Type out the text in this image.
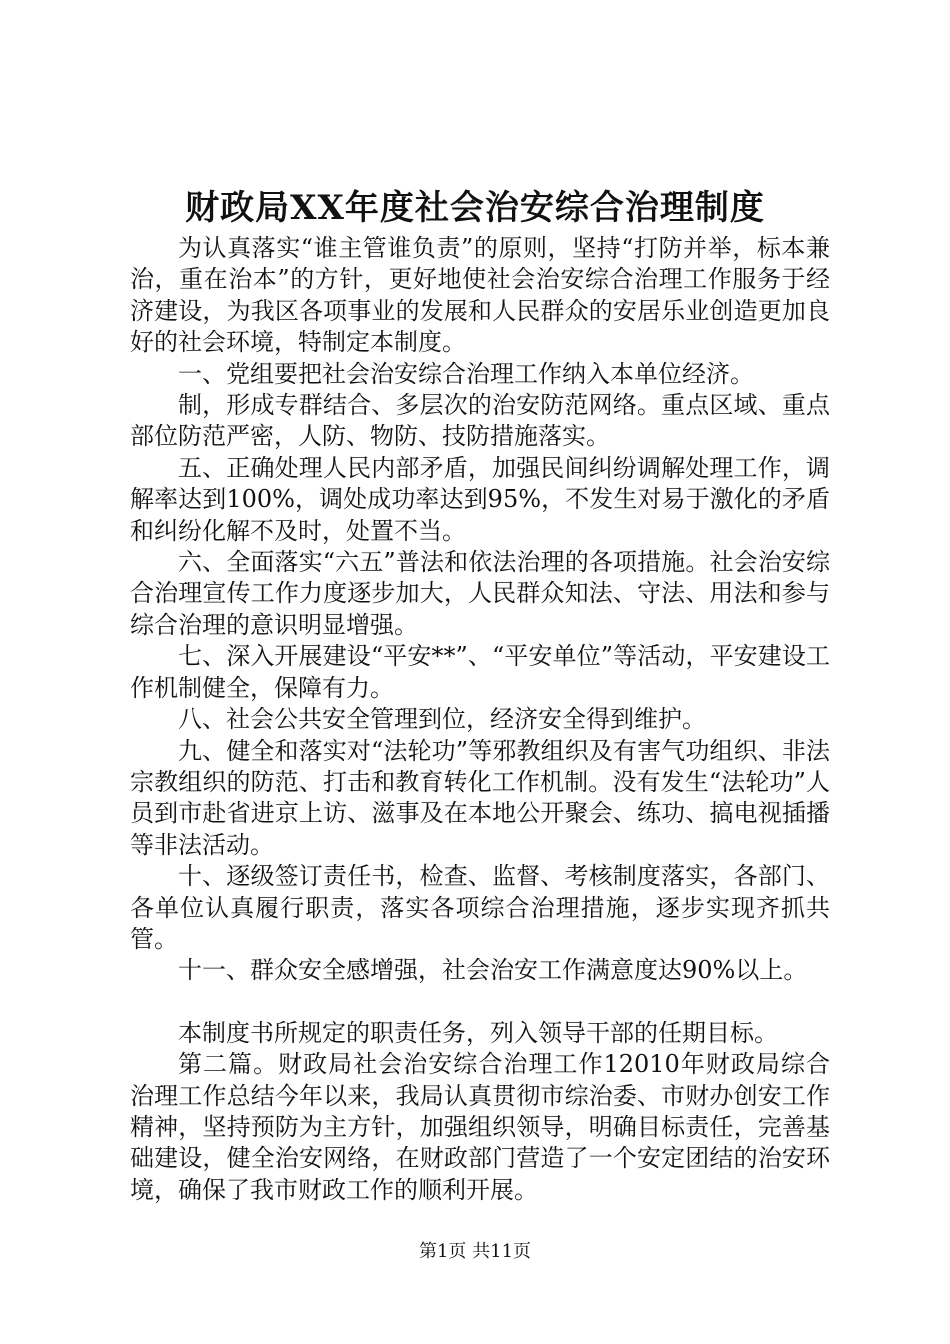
财政局XX年度社会治安综合治理制度

为认真落实“谁主管谁负责”的原则，坚持“打防并举，标本兼治，重在治本”的方针，更好地使社会治安综合治理工作服务于经济建设，为我区各项事业的发展和人民群众的安居乐业创造更加良好的社会环境，特制定本制度。

一、党组要把社会治安综合治理工作纳入本单位经济。

制，形成专群结合、多层次的治安防范网络。重点区域、重点部位防范严密，人防、物防、技防措施落实。

五、正确处理人民内部矛盾，加强民间纠纷调解处理工作，调解率达到100%，调处成功率达到95%，不发生对易于激化的矛盾和纠纷化解不及时，处置不当。

六、全面落实“六五”普法和依法治理的各项措施。社会治安综合治理宣传工作力度逐步加大，人民群众知法、守法、用法和参与综合治理的意识明显增强。

七、深入开展建设“平安**”、“平安单位”等活动，平安建设工作机制健全，保障有力。

八、社会公共安全管理到位，经济安全得到维护。

九、健全和落实对“法轮功”等邪教组织及有害气功组织、非法宗教组织的防范、打击和教育转化工作机制。没有发生“法轮功”人员到市赴省进京上访、滋事及在本地公开聚会、练功、搞电视插播等非法活动。

十、逐级签订责任书，检查、监督、考核制度落实，各部门、各单位认真履行职责，落实各项综合治理措施，逐步实现齐抓共管。

十一、群众安全感增强，社会治安工作满意度达90%以上。

本制度书所规定的职责任务，列入领导干部的任期目标。

第二篇。财政局社会治安综合治理工作12010年财政局综合治理工作总结今年以来，我局认真贯彻市综治委、市财办创安工作精神，坚持预防为主方针，加强组织领导，明确目标责任，完善基础建设，健全治安网络，在财政部门营造了一个安定团结的治安环境，确保了我市财政工作的顺利开展。

第1页 共11页
